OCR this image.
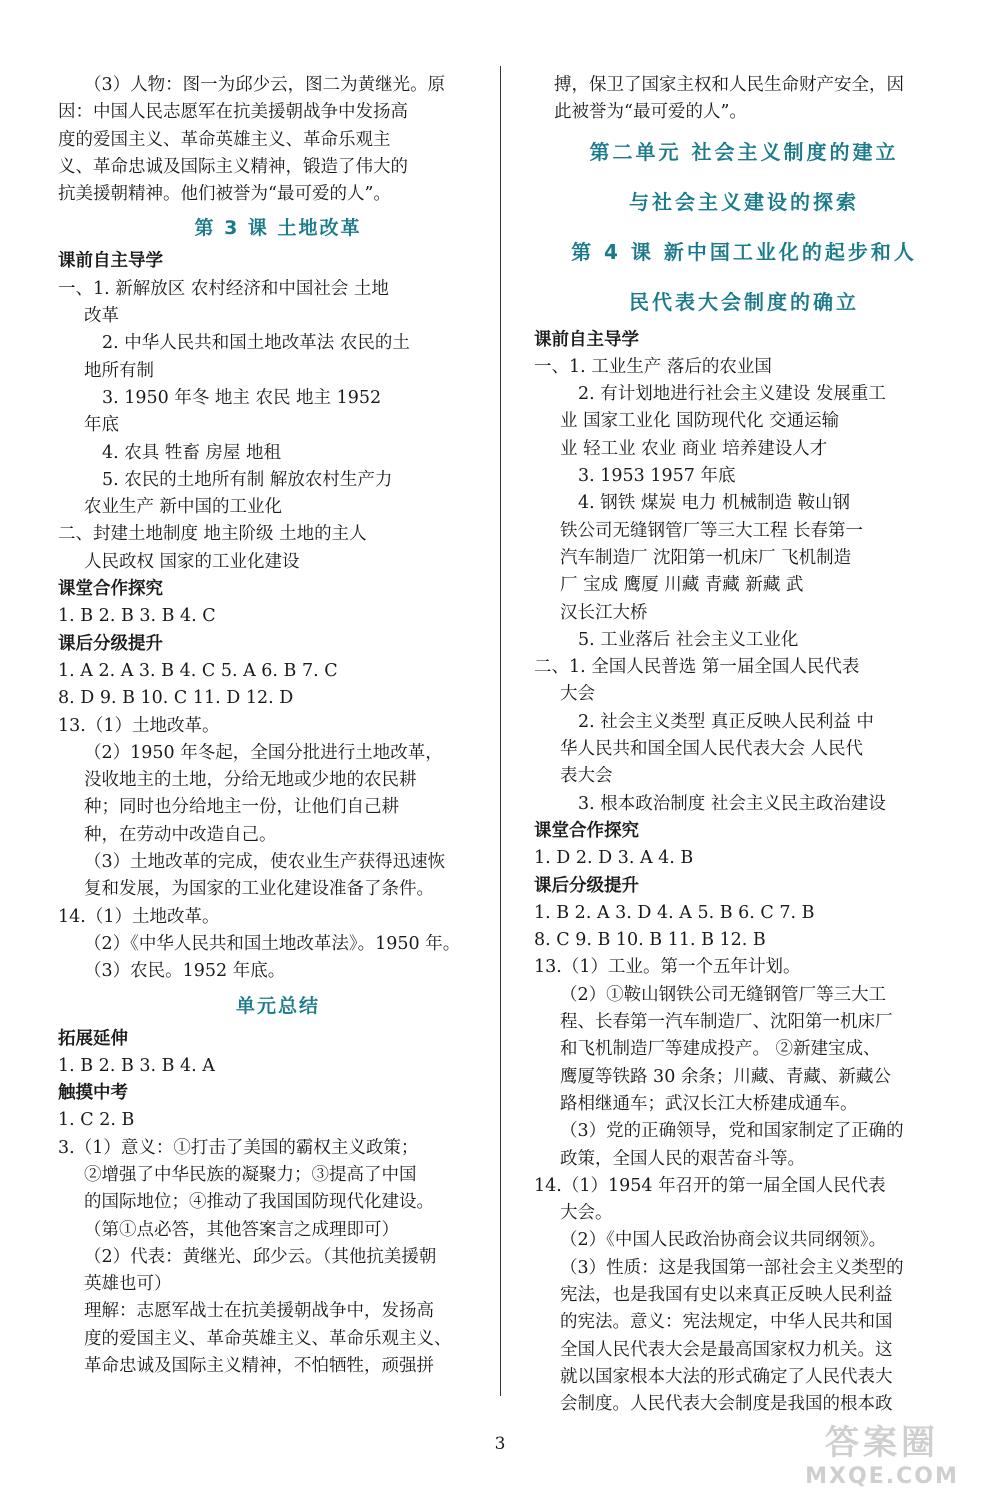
（3）人物：图一为邱少云，图二为黄继光。原
因：中国人民志愿军在抗美援朝战争中发扬高
度的爱国主义、革命英雄主义、革命乐观主
义、革命忠诚及国际主义精神，锻造了伟大的
抗美援朝精神。他们被誉为“最可爱的人”。
第 3 课 土地改革
课前自主导学
一、1. 新解放区 农村经济和中国社会 土地
改革
2. 中华人民共和国土地改革法 农民的土
地所有制
3. 1950 年冬 地主 农民 地主 1952
年底
4. 农具 牲畜 房屋 地租
5. 农民的土地所有制 解放农村生产力
农业生产 新中国的工业化
二、封建土地制度 地主阶级 土地的主人
人民政权 国家的工业化建设
课堂合作探究
1. B 2. B 3. B 4. C
课后分级提升
1. A 2. A 3. B 4. C 5. A 6. B 7. C
8. D 9. B 10. C 11. D 12. D
13.（1）土地改革。
（2）1950 年冬起，全国分批进行土地改革，
没收地主的土地，分给无地或少地的农民耕
种；同时也分给地主一份，让他们自己耕
种，在劳动中改造自己。
（3）土地改革的完成，使农业生产获得迅速恢
复和发展，为国家的工业化建设准备了条件。
14.（1）土地改革。
（2）《中华人民共和国土地改革法》。1950 年。
（3）农民。1952 年底。
单元总结
拓展延伸
1. B 2. B 3. B 4. A
触摸中考
1. C 2. B
3.（1）意义：①打击了美国的霸权主义政策；
②增强了中华民族的凝聚力；③提高了中国
的国际地位；④推动了我国国防现代化建设。
（第①点必答，其他答案言之成理即可）
（2）代表：黄继光、邱少云。（其他抗美援朝
英雄也可）
理解：志愿军战士在抗美援朝战争中，发扬高
度的爱国主义、革命英雄主义、革命乐观主义、
革命忠诚及国际主义精神，不怕牺牲，顽强拼
搏，保卫了国家主权和人民生命财产安全，因
此被誉为“最可爱的人”。
第二单元 社会主义制度的建立
与社会主义建设的探索
第 4 课 新中国工业化的起步和人
民代表大会制度的确立
课前自主导学
一、1. 工业生产 落后的农业国
2. 有计划地进行社会主义建设 发展重工
业 国家工业化 国防现代化 交通运输
业 轻工业 农业 商业 培养建设人才
3. 1953 1957 年底
4. 钢铁 煤炭 电力 机械制造 鞍山钢
铁公司无缝钢管厂等三大工程 长春第一
汽车制造厂 沈阳第一机床厂 飞机制造
厂 宝成 鹰厦 川藏 青藏 新藏 武
汉长江大桥
5. 工业落后 社会主义工业化
二、1. 全国人民普选 第一届全国人民代表
大会
2. 社会主义类型 真正反映人民利益 中
华人民共和国全国人民代表大会 人民代
表大会
3. 根本政治制度 社会主义民主政治建设
课堂合作探究
1. D 2. D 3. A 4. B
课后分级提升
1. B 2. A 3. D 4. A 5. B 6. C 7. B
8. C 9. B 10. B 11. B 12. B
13.（1）工业。第一个五年计划。
（2）①鞍山钢铁公司无缝钢管厂等三大工
程、长春第一汽车制造厂、沈阳第一机床厂
和飞机制造厂等建成投产。 ②新建宝成、
鹰厦等铁路 30 余条；川藏、青藏、新藏公
路相继通车；武汉长江大桥建成通车。
（3）党的正确领导，党和国家制定了正确的
政策，全国人民的艰苦奋斗等。
14.（1）1954 年召开的第一届全国人民代表
大会。
（2）《中国人民政治协商会议共同纲领》。
（3）性质：这是我国第一部社会主义类型的
宪法，也是我国有史以来真正反映人民利益
的宪法。意义：宪法规定，中华人民共和国
全国人民代表大会是最高国家权力机关。这
就以国家根本大法的形式确定了人民代表大
会制度。人民代表大会制度是我国的根本政
3	答案圈
MXQE.COM
